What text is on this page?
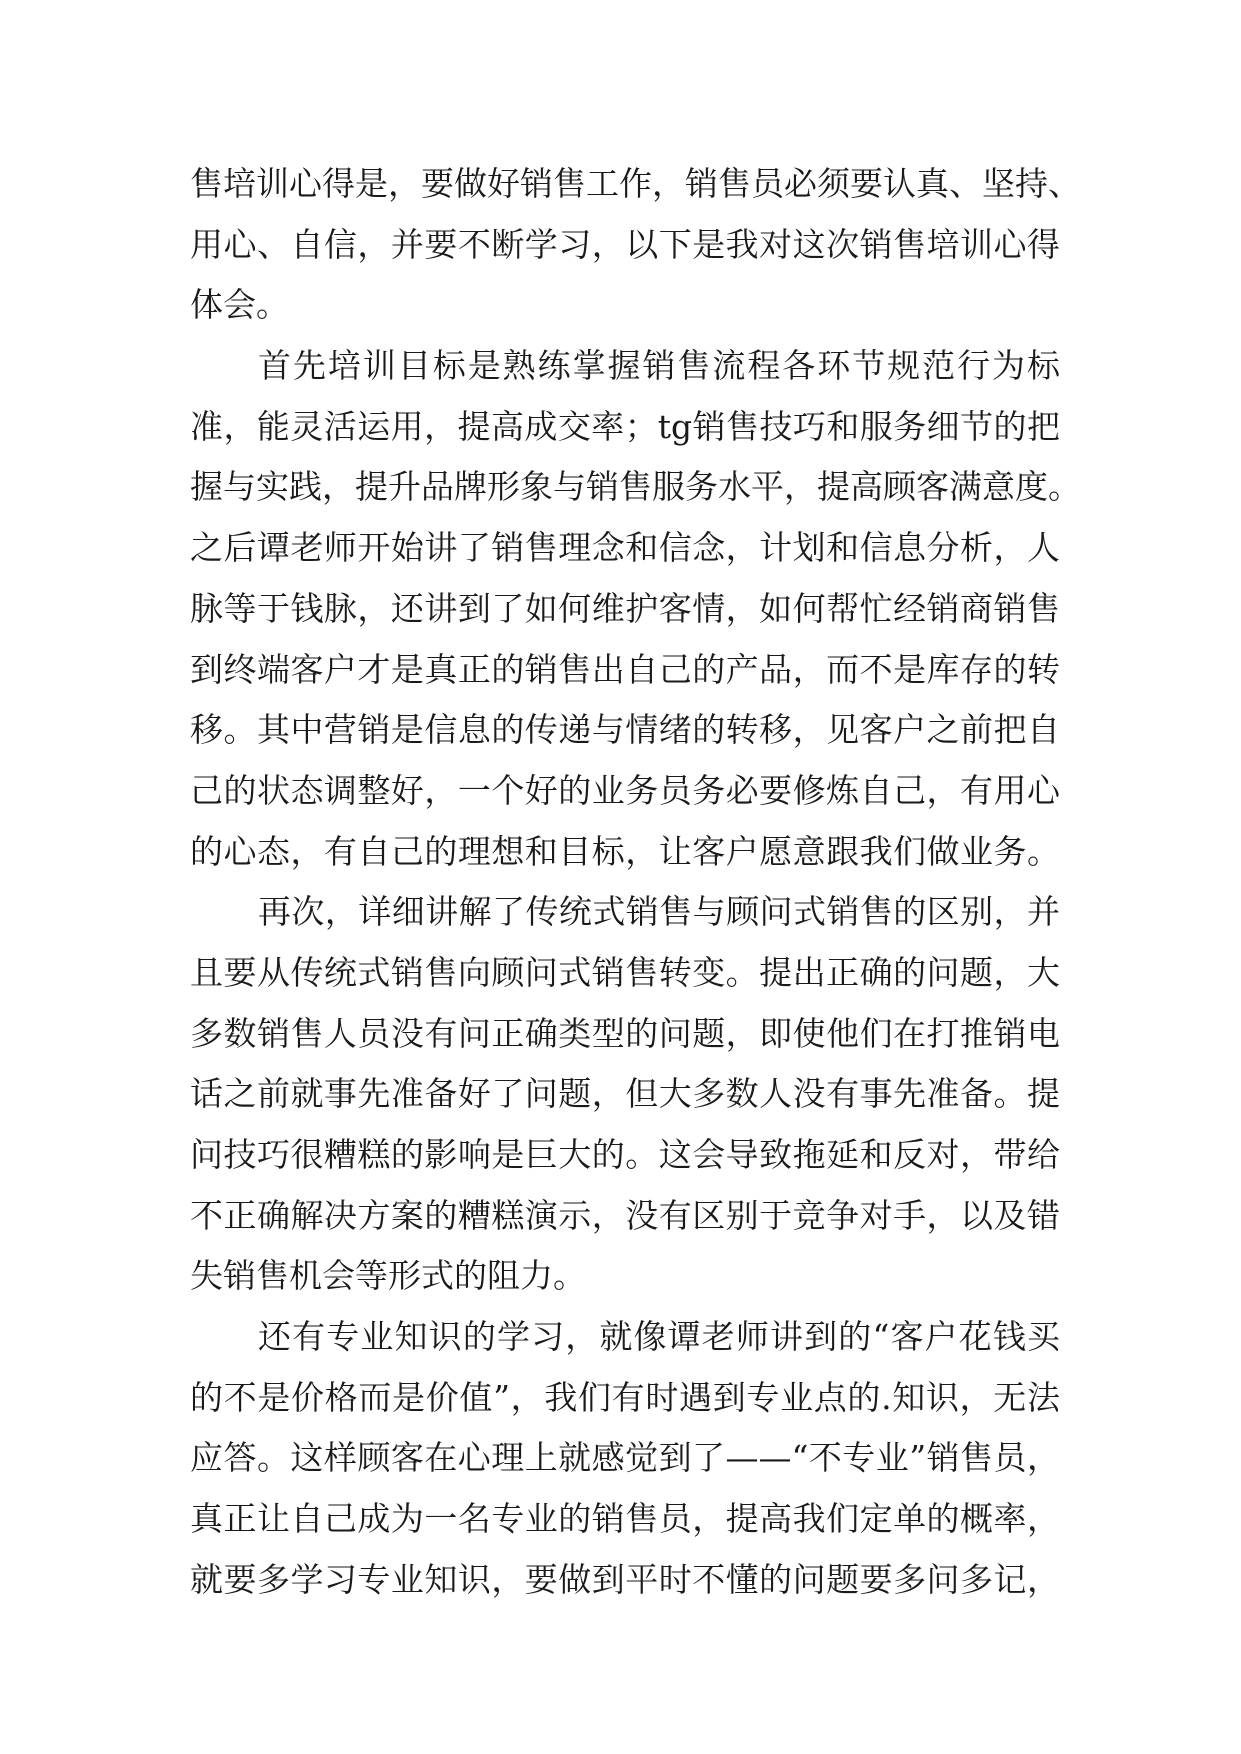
售培训心得是，要做好销售工作，销售员必须要认真、坚持、
用心、自信，并要不断学习，以下是我对这次销售培训心得
体会。
首先培训目标是熟练掌握销售流程各环节规范行为标
准，能灵活运用，提高成交率；tg销售技巧和服务细节的把
握与实践，提升品牌形象与销售服务水平，提高顾客满意度。
之后谭老师开始讲了销售理念和信念，计划和信息分析，人
脉等于钱脉，还讲到了如何维护客情，如何帮忙经销商销售
到终端客户才是真正的销售出自己的产品，而不是库存的转
移。其中营销是信息的传递与情绪的转移，见客户之前把自
己的状态调整好，一个好的业务员务必要修炼自己，有用心
的心态，有自己的理想和目标，让客户愿意跟我们做业务。
再次，详细讲解了传统式销售与顾问式销售的区别，并
且要从传统式销售向顾问式销售转变。提出正确的问题，大
多数销售人员没有问正确类型的问题，即使他们在打推销电
话之前就事先准备好了问题，但大多数人没有事先准备。提
问技巧很糟糕的影响是巨大的。这会导致拖延和反对，带给
不正确解决方案的糟糕演示，没有区别于竞争对手，以及错
失销售机会等形式的阻力。
还有专业知识的学习，就像谭老师讲到的“客户花钱买
的不是价格而是价值”，我们有时遇到专业点的.知识，无法
应答。这样顾客在心理上就感觉到了——“不专业”销售员，
真正让自己成为一名专业的销售员，提高我们定单的概率，
就要多学习专业知识，要做到平时不懂的问题要多问多记，
